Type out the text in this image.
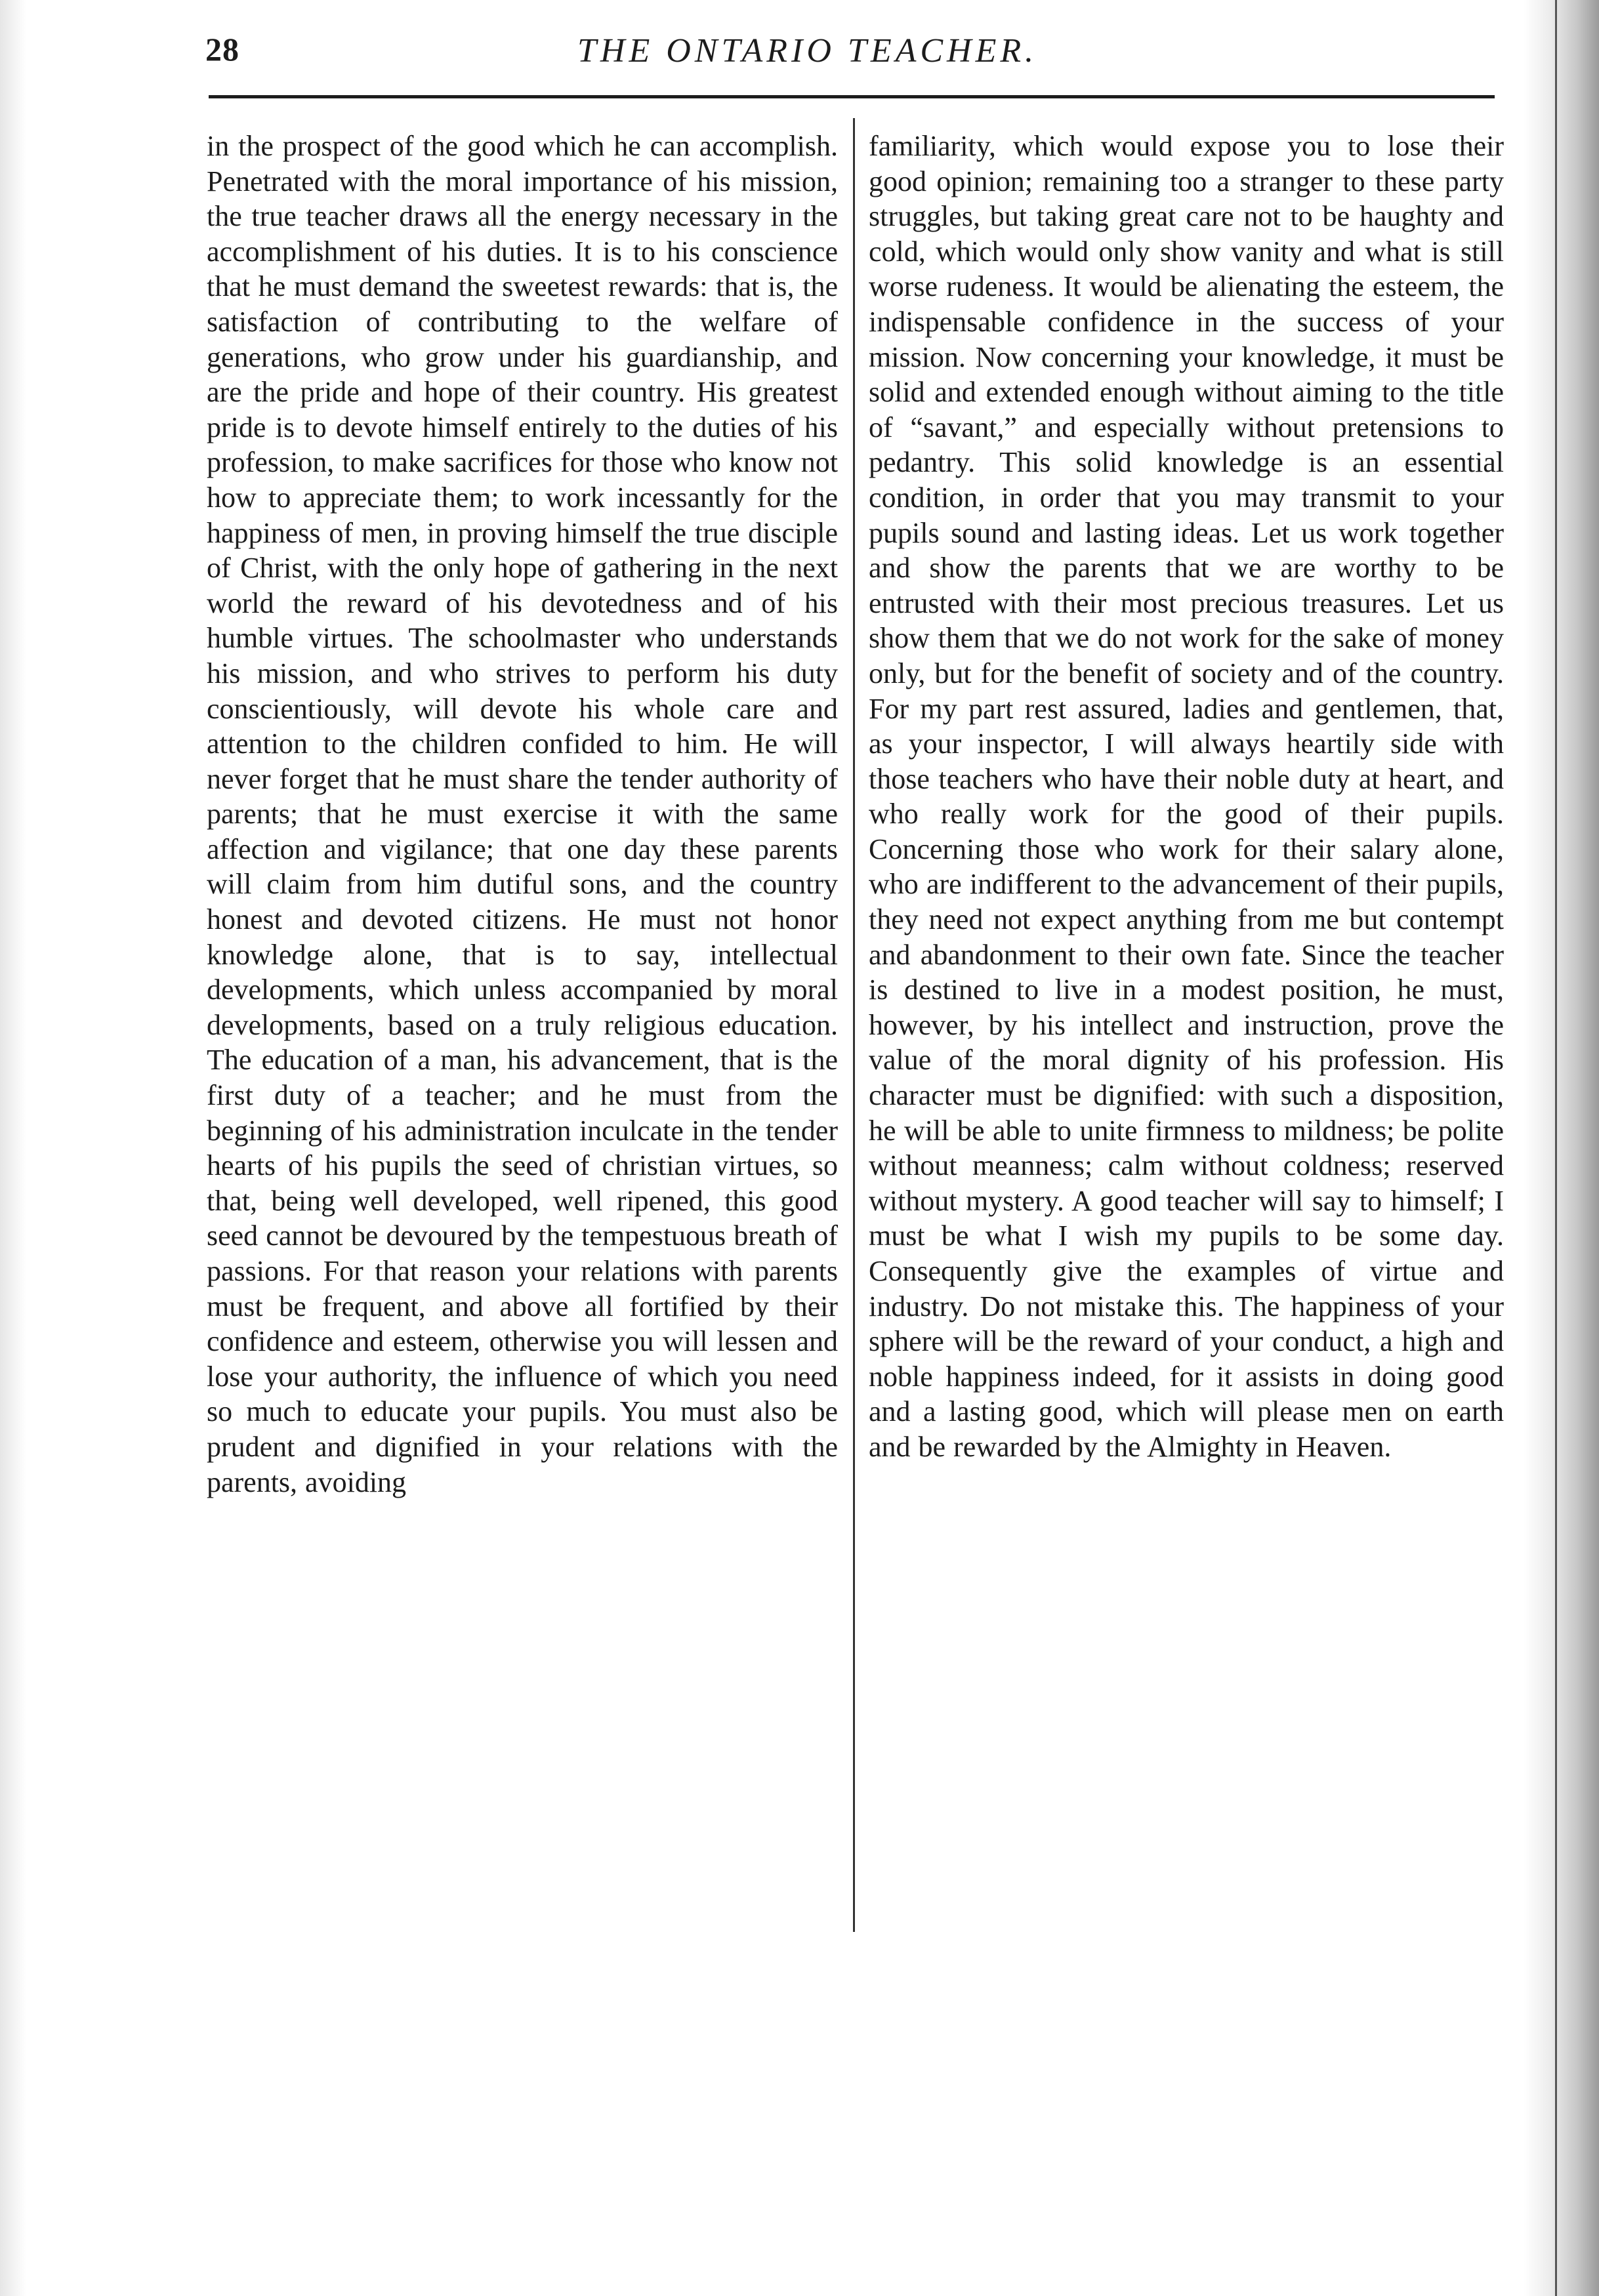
28	THE ONTARIO TEACHER.
in the prospect of the good which he can accomplish. Penetrated with the moral importance of his mission, the true teacher draws all the energy necessary in the accomplishment of his duties. It is to his conscience that he must demand the sweetest rewards: that is, the satisfaction of contributing to the welfare of generations, who grow under his guardianship, and are the pride and hope of their country. His greatest pride is to devote himself entirely to the duties of his profession, to make sacrifices for those who know not how to appreciate them; to work incessantly for the happiness of men, in proving himself the true disciple of Christ, with the only hope of gathering in the next world the reward of his devotedness and of his humble virtues. The schoolmaster who understands his mission, and who strives to perform his duty conscientiously, will devote his whole care and attention to the children confided to him. He will never forget that he must share the tender authority of parents; that he must exercise it with the same affection and vigilance; that one day these parents will claim from him dutiful sons, and the country honest and devoted citizens. He must not honor knowledge alone, that is to say, intellectual developments, which unless accompanied by moral developments, based on a truly religious education. The education of a man, his advancement, that is the first duty of a teacher; and he must from the beginning of his administration inculcate in the tender hearts of his pupils the seed of christian virtues, so that, being well developed, well ripened, this good seed cannot be devoured by the tempestuous breath of passions. For that reason your relations with parents must be frequent, and above all fortified by their confidence and esteem, otherwise you will lessen and lose your authority, the influence of which you need so much to educate your pupils. You must also be prudent and dignified in your relations with the parents, avoiding
familiarity, which would expose you to lose their good opinion; remaining too a stranger to these party struggles, but taking great care not to be haughty and cold, which would only show vanity and what is still worse rudeness. It would be alienating the esteem, the indispensable confidence in the success of your mission. Now concerning your knowledge, it must be solid and extended enough without aiming to the title of “savant,” and especially without pretensions to pedantry. This solid knowledge is an essential condition, in order that you may transmit to your pupils sound and lasting ideas. Let us work together and show the parents that we are worthy to be entrusted with their most precious treasures. Let us show them that we do not work for the sake of money only, but for the benefit of society and of the country. For my part rest assured, ladies and gentlemen, that, as your inspector, I will always heartily side with those teachers who have their noble duty at heart, and who really work for the good of their pupils. Concerning those who work for their salary alone, who are indifferent to the advancement of their pupils, they need not expect anything from me but contempt and abandonment to their own fate. Since the teacher is destined to live in a modest position, he must, however, by his intellect and instruction, prove the value of the moral dignity of his profession. His character must be dignified: with such a disposition, he will be able to unite firmness to mildness; be polite without meanness; calm without coldness; reserved without mystery. A good teacher will say to himself; I must be what I wish my pupils to be some day. Consequently give the examples of virtue and industry. Do not mistake this. The happiness of your sphere will be the reward of your conduct, a high and noble happiness indeed, for it assists in doing good and a lasting good, which will please men on earth and be rewarded by the Almighty in Heaven.
